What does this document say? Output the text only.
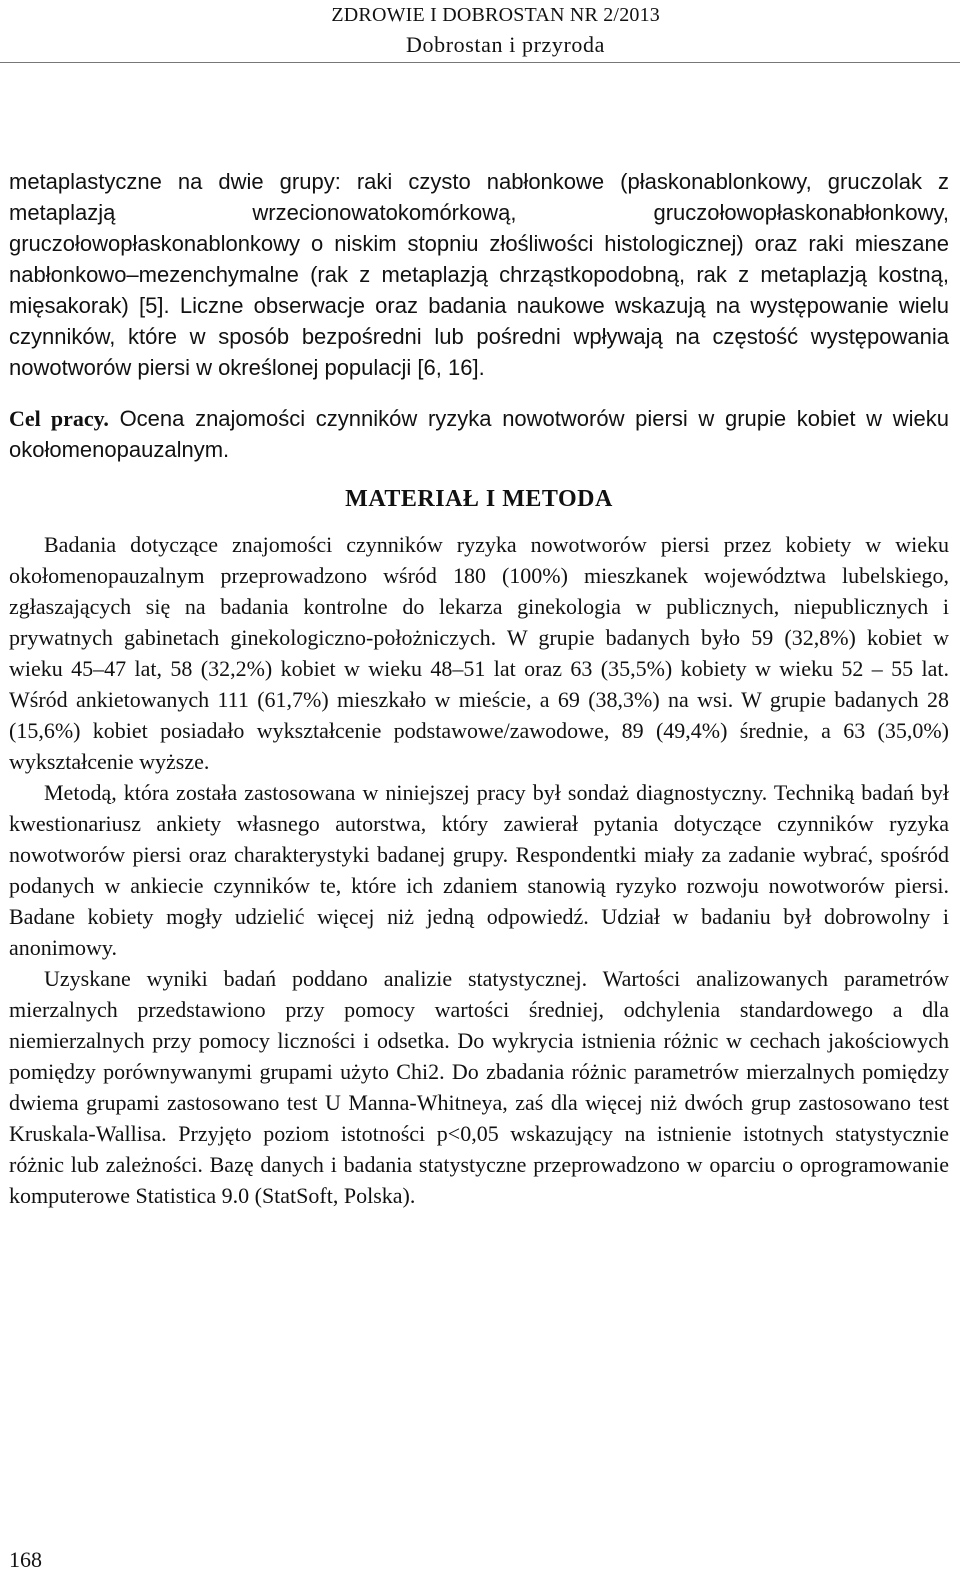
ZDROWIE I DOBROSTAN NR 2/2013
Dobrostan i przyroda

metaplastyczne na dwie grupy: raki czysto nabłonkowe (płaskonablonkowy, gruczolak z metaplazją wrzecionowatokomórkową, gruczołowopłaskonabłonkowy, gruczołowopłaskonablonkowy o niskim stopniu złośliwości histologicznej) oraz raki mieszane nabłonkowo–mezenchymalne (rak z metaplazją chrząstkopodobną, rak z metaplazją kostną, mięsakorak) [5]. Liczne obserwacje oraz badania naukowe wskazują na występowanie wielu czynników, które w sposób bezpośredni lub pośredni wpływają na częstość występowania nowotworów piersi w określonej populacji [6, 16].

Cel pracy. Ocena znajomości czynników ryzyka nowotworów piersi w grupie kobiet w wieku okołomenopauzalnym.

MATERIAŁ I METODA

Badania dotyczące znajomości czynników ryzyka nowotworów piersi przez kobiety w wieku okołomenopauzalnym przeprowadzono wśród 180 (100%) mieszkanek województwa lubelskiego, zgłaszających się na badania kontrolne do lekarza ginekologia w publicznych, niepublicznych i prywatnych gabinetach ginekologiczno-położniczych. W grupie badanych było 59 (32,8%) kobiet w wieku 45–47 lat, 58 (32,2%) kobiet w wieku 48–51 lat oraz 63 (35,5%) kobiety w wieku 52 – 55 lat. Wśród ankietowanych 111 (61,7%) mieszkało w mieście, a 69 (38,3%) na wsi. W grupie badanych 28 (15,6%) kobiet posiadało wykształcenie podstawowe/zawodowe, 89 (49,4%) średnie, a 63 (35,0%) wykształcenie wyższe.

Metodą, która została zastosowana w niniejszej pracy był sondaż diagnostyczny. Techniką badań był kwestionariusz ankiety własnego autorstwa, który zawierał pytania dotyczące czynników ryzyka nowotworów piersi oraz charakterystyki badanej grupy. Respondentki miały za zadanie wybrać, spośród podanych w ankiecie czynników te, które ich zdaniem stanowią ryzyko rozwoju nowotworów piersi. Badane kobiety mogły udzielić więcej niż jedną odpowiedź. Udział w badaniu był dobrowolny i anonimowy.

Uzyskane wyniki badań poddano analizie statystycznej. Wartości analizowanych parametrów mierzalnych przedstawiono przy pomocy wartości średniej, odchylenia standardowego a dla niemierzalnych przy pomocy liczności i odsetka. Do wykrycia istnienia różnic w cechach jakościowych pomiędzy porównywanymi grupami użyto Chi2. Do zbadania różnic parametrów mierzalnych pomiędzy dwiema grupami zastosowano test U Manna-Whitneya, zaś dla więcej niż dwóch grup zastosowano test Kruskala-Wallisa. Przyjęto poziom istotności p<0,05 wskazujący na istnienie istotnych statystycznie różnic lub zależności. Bazę danych i badania statystyczne przeprowadzono w oparciu o oprogramowanie komputerowe Statistica 9.0 (StatSoft, Polska).

168
